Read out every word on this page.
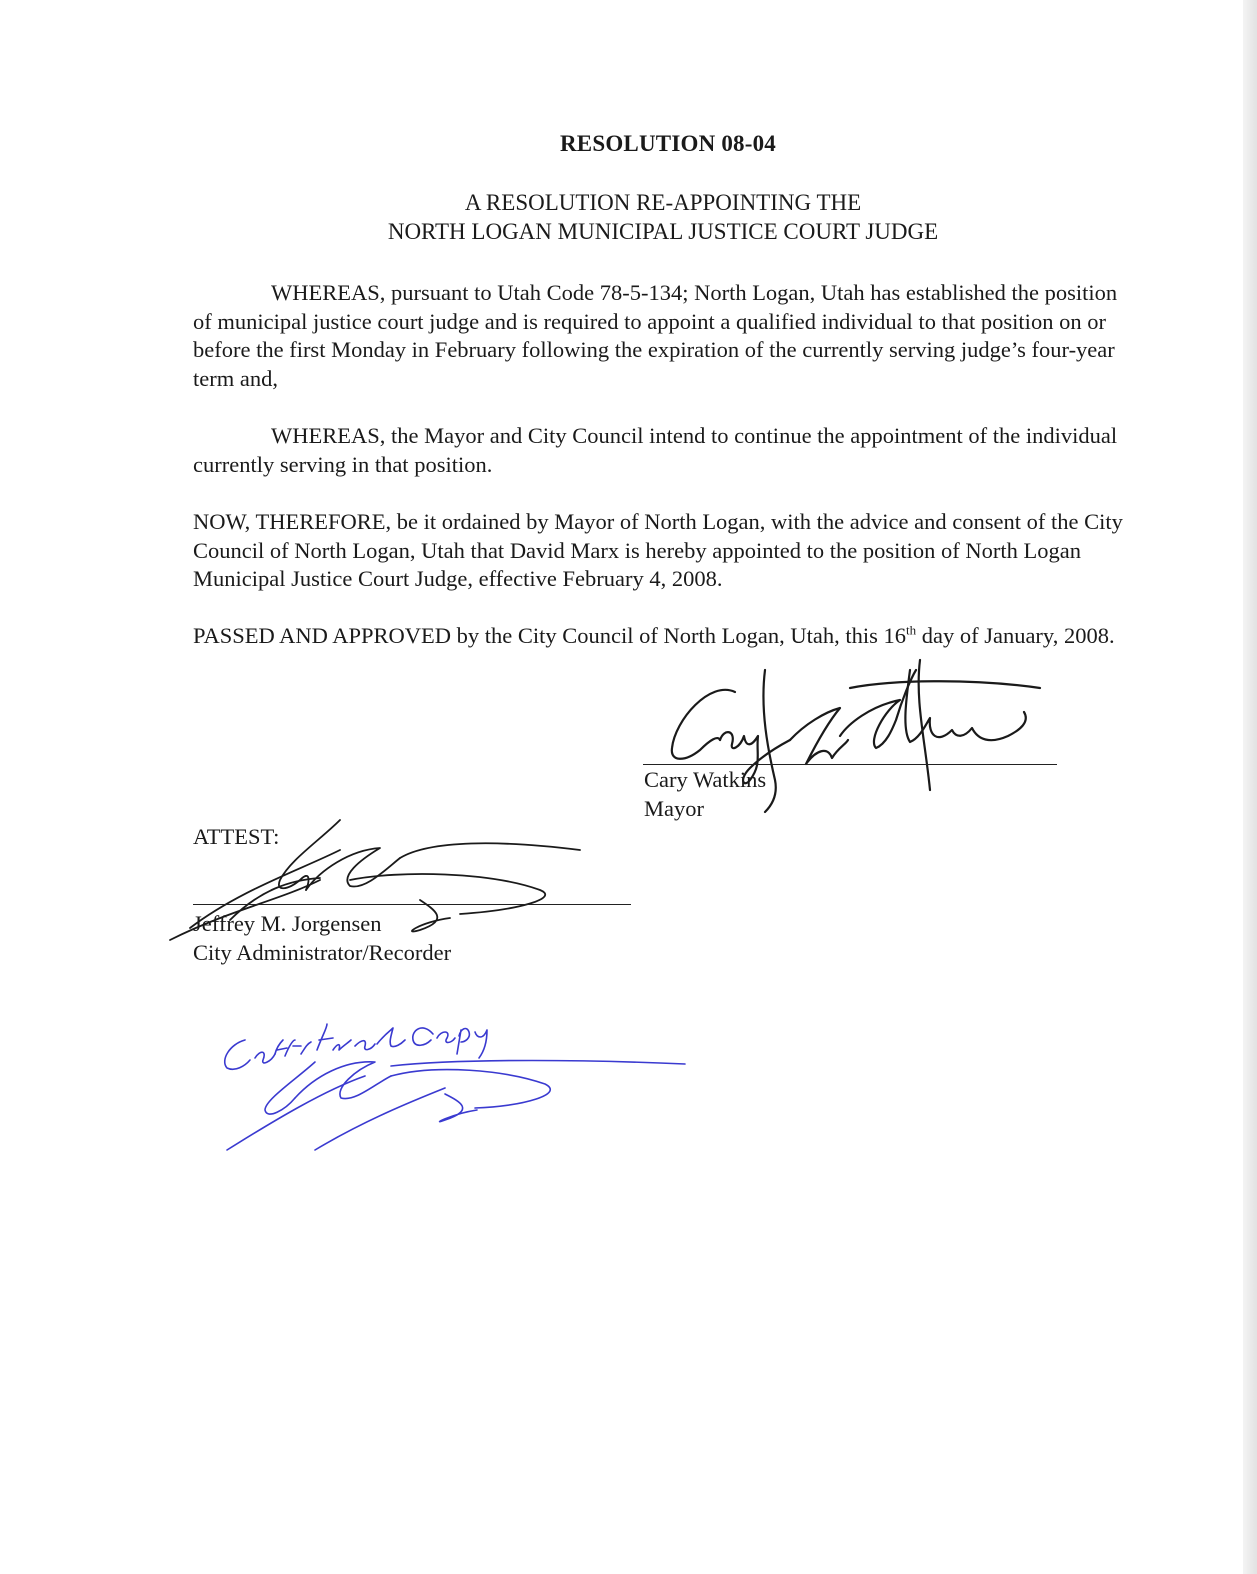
RESOLUTION 08-04
A RESOLUTION RE-APPOINTING THE
NORTH LOGAN MUNICIPAL JUSTICE COURT JUDGE

WHEREAS, pursuant to Utah Code 78-5-134; North Logan, Utah has established the position of municipal justice court judge and is required to appoint a qualified individual to that position on or before the first Monday in February following the expiration of the currently serving judge’s four-year term and,

WHEREAS, the Mayor and City Council intend to continue the appointment of the individual currently serving in that position.

NOW, THEREFORE, be it ordained by Mayor of North Logan, with the advice and consent of the City Council of North Logan, Utah that David Marx is hereby appointed to the position of North Logan Municipal Justice Court Judge, effective February 4, 2008.

PASSED AND APPROVED by the City Council of North Logan, Utah, this 16th day of January, 2008.

Cary Watkins
Mayor
ATTEST:
Jeffrey M. Jorgensen
City Administrator/Recorder
